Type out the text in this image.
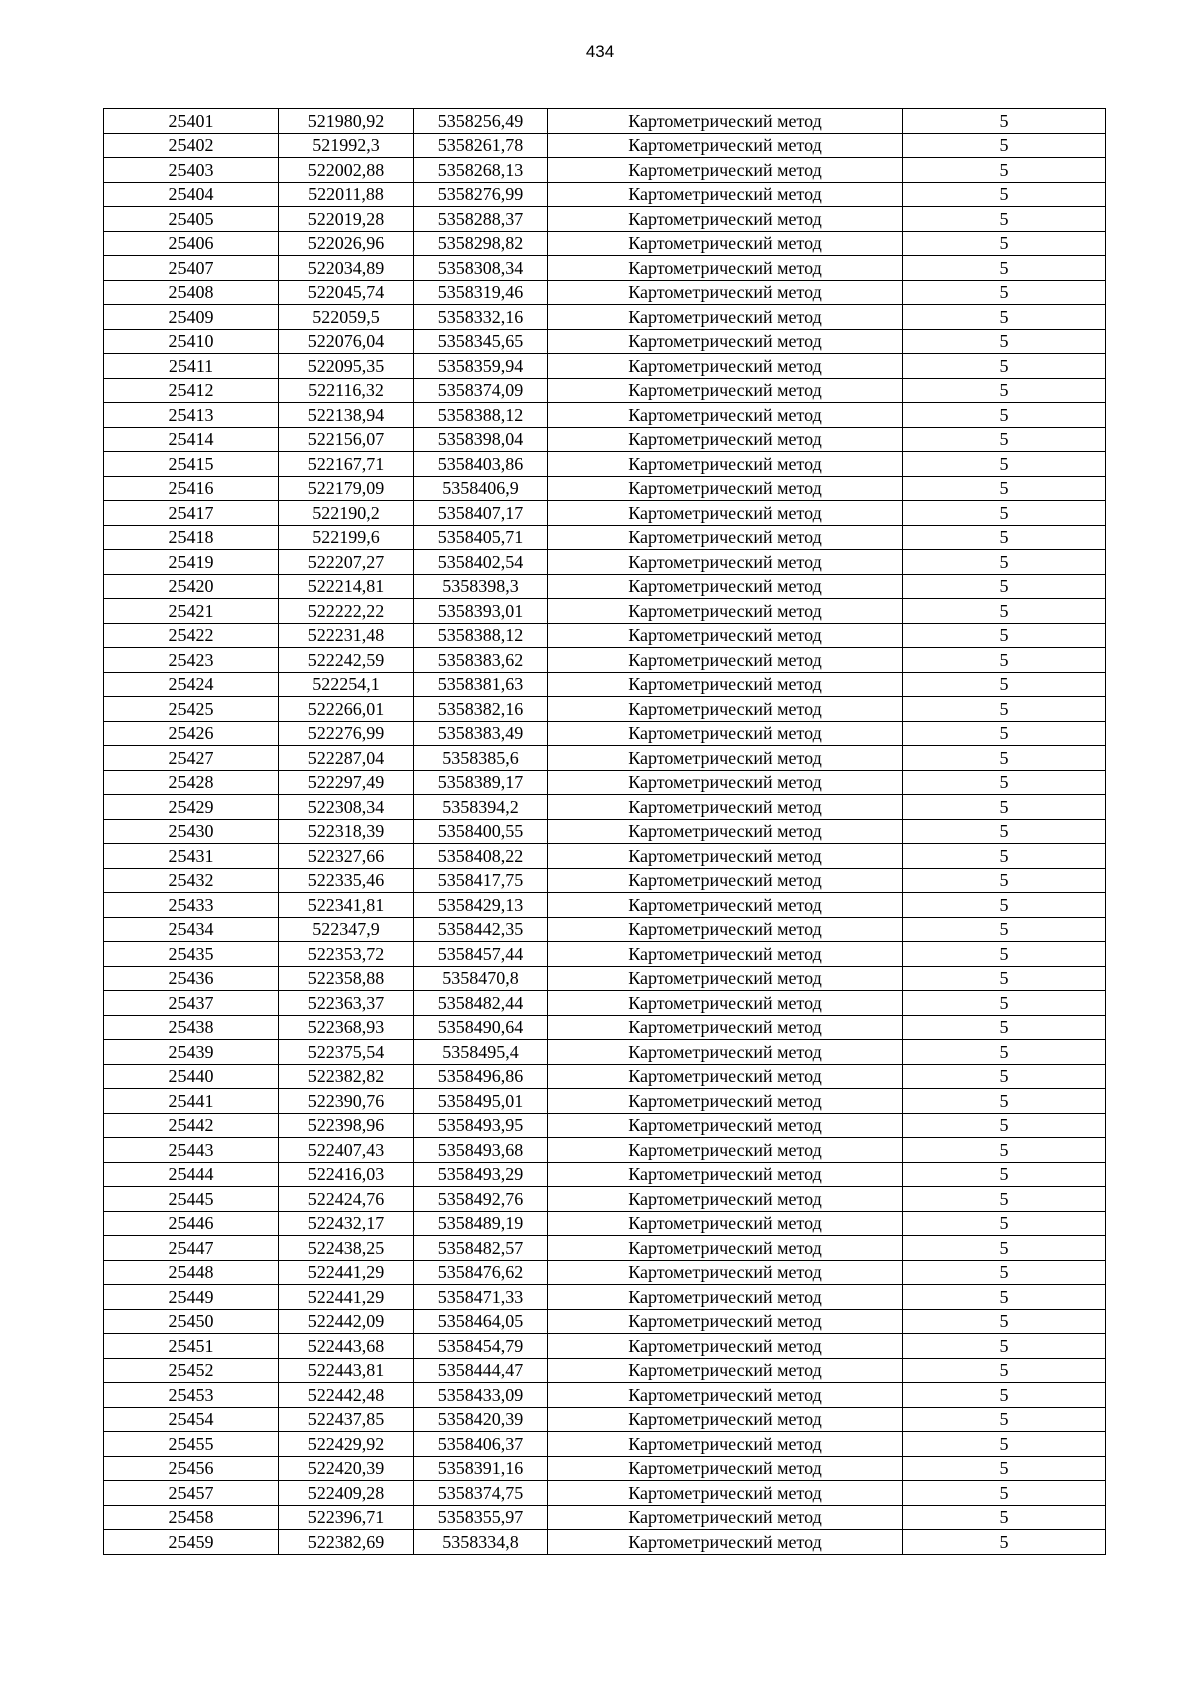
434
25401	521980,92	5358256,49	Картометрический метод	5
25402	521992,3	5358261,78	Картометрический метод	5
25403	522002,88	5358268,13	Картометрический метод	5
25404	522011,88	5358276,99	Картометрический метод	5
25405	522019,28	5358288,37	Картометрический метод	5
25406	522026,96	5358298,82	Картометрический метод	5
25407	522034,89	5358308,34	Картометрический метод	5
25408	522045,74	5358319,46	Картометрический метод	5
25409	522059,5	5358332,16	Картометрический метод	5
25410	522076,04	5358345,65	Картометрический метод	5
25411	522095,35	5358359,94	Картометрический метод	5
25412	522116,32	5358374,09	Картометрический метод	5
25413	522138,94	5358388,12	Картометрический метод	5
25414	522156,07	5358398,04	Картометрический метод	5
25415	522167,71	5358403,86	Картометрический метод	5
25416	522179,09	5358406,9	Картометрический метод	5
25417	522190,2	5358407,17	Картометрический метод	5
25418	522199,6	5358405,71	Картометрический метод	5
25419	522207,27	5358402,54	Картометрический метод	5
25420	522214,81	5358398,3	Картометрический метод	5
25421	522222,22	5358393,01	Картометрический метод	5
25422	522231,48	5358388,12	Картометрический метод	5
25423	522242,59	5358383,62	Картометрический метод	5
25424	522254,1	5358381,63	Картометрический метод	5
25425	522266,01	5358382,16	Картометрический метод	5
25426	522276,99	5358383,49	Картометрический метод	5
25427	522287,04	5358385,6	Картометрический метод	5
25428	522297,49	5358389,17	Картометрический метод	5
25429	522308,34	5358394,2	Картометрический метод	5
25430	522318,39	5358400,55	Картометрический метод	5
25431	522327,66	5358408,22	Картометрический метод	5
25432	522335,46	5358417,75	Картометрический метод	5
25433	522341,81	5358429,13	Картометрический метод	5
25434	522347,9	5358442,35	Картометрический метод	5
25435	522353,72	5358457,44	Картометрический метод	5
25436	522358,88	5358470,8	Картометрический метод	5
25437	522363,37	5358482,44	Картометрический метод	5
25438	522368,93	5358490,64	Картометрический метод	5
25439	522375,54	5358495,4	Картометрический метод	5
25440	522382,82	5358496,86	Картометрический метод	5
25441	522390,76	5358495,01	Картометрический метод	5
25442	522398,96	5358493,95	Картометрический метод	5
25443	522407,43	5358493,68	Картометрический метод	5
25444	522416,03	5358493,29	Картометрический метод	5
25445	522424,76	5358492,76	Картометрический метод	5
25446	522432,17	5358489,19	Картометрический метод	5
25447	522438,25	5358482,57	Картометрический метод	5
25448	522441,29	5358476,62	Картометрический метод	5
25449	522441,29	5358471,33	Картометрический метод	5
25450	522442,09	5358464,05	Картометрический метод	5
25451	522443,68	5358454,79	Картометрический метод	5
25452	522443,81	5358444,47	Картометрический метод	5
25453	522442,48	5358433,09	Картометрический метод	5
25454	522437,85	5358420,39	Картометрический метод	5
25455	522429,92	5358406,37	Картометрический метод	5
25456	522420,39	5358391,16	Картометрический метод	5
25457	522409,28	5358374,75	Картометрический метод	5
25458	522396,71	5358355,97	Картометрический метод	5
25459	522382,69	5358334,8	Картометрический метод	5
